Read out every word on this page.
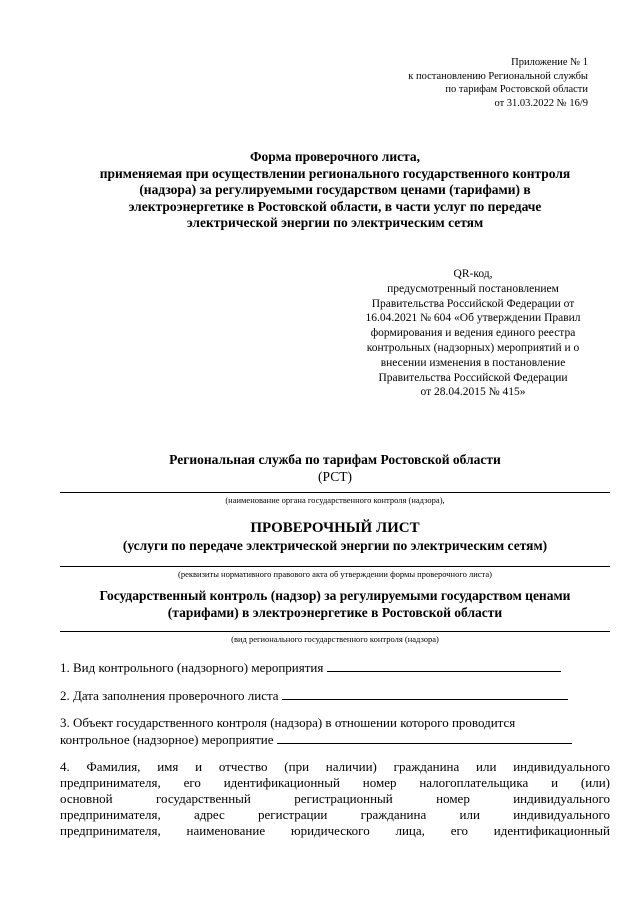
Приложение № 1
к постановлению Региональной службы
по тарифам Ростовской области
от 31.03.2022 № 16/9
Форма проверочного листа,
применяемая при осуществлении регионального государственного контроля
(надзора) за регулируемыми государством ценами (тарифами) в
электроэнергетике в Ростовской области, в части услуг по передаче
электрической энергии по электрическим сетям
QR-код,
предусмотренный постановлением
Правительства Российской Федерации от
16.04.2021 № 604 «Об утверждении Правил
формирования и ведения единого реестра
контрольных (надзорных) мероприятий и о
внесении изменения в постановление
Правительства Российской Федерации
от 28.04.2015 № 415»
Региональная служба по тарифам Ростовской области
(РСТ)
(наименование органа государственного контроля (надзора),
ПРОВЕРОЧНЫЙ ЛИСТ
(услуги по передаче электрической энергии по электрическим сетям)
(реквизиты нормативного правового акта об утверждении формы проверочного листа)
Государственный контроль (надзор) за регулируемыми государством ценами
(тарифами) в электроэнергетике в Ростовской области
(вид регионального государственного контроля (надзора)
1. Вид контрольного (надзорного) мероприятия
2. Дата заполнения проверочного листа
3. Объект государственного контроля (надзора) в отношении которого проводится
контрольное (надзорное) мероприятие
4. Фамилия, имя и отчество (при наличии) гражданина или индивидуального
предпринимателя, его идентификационный номер налогоплательщика и (или)
основной государственный регистрационный номер индивидуального
предпринимателя, адрес регистрации гражданина или индивидуального
предпринимателя, наименование юридического лица, его идентификационный
